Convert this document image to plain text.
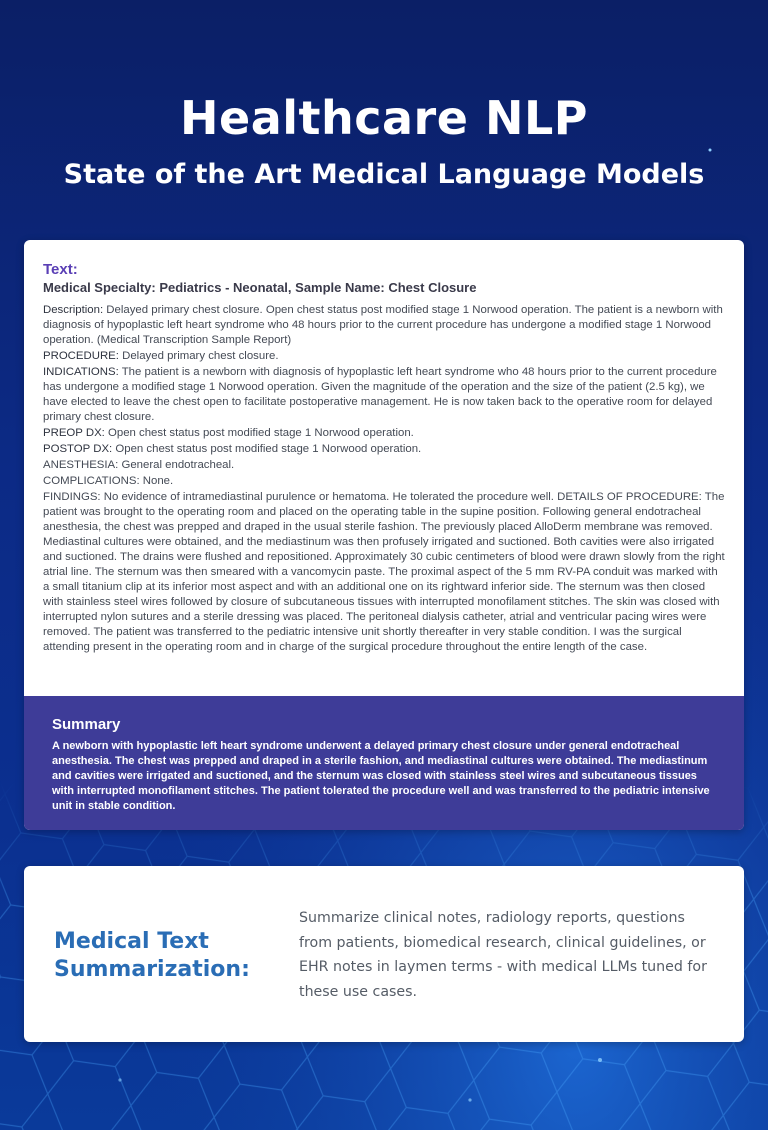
Healthcare NLP
State of the Art Medical Language Models
Text:
Medical Specialty: Pediatrics - Neonatal, Sample Name: Chest Closure

Description: Delayed primary chest closure. Open chest status post modified stage 1 Norwood operation. The patient is a newborn with diagnosis of hypoplastic left heart syndrome who 48 hours prior to the current procedure has undergone a modified stage 1 Norwood operation. (Medical Transcription Sample Report)

PROCEDURE: Delayed primary chest closure.

INDICATIONS: The patient is a newborn with diagnosis of hypoplastic left heart syndrome who 48 hours prior to the current procedure has undergone a modified stage 1 Norwood operation. Given the magnitude of the operation and the size of the patient (2.5 kg), we have elected to leave the chest open to facilitate postoperative management. He is now taken back to the operative room for delayed primary chest closure.

PREOP DX: Open chest status post modified stage 1 Norwood operation.

POSTOP DX: Open chest status post modified stage 1 Norwood operation.

ANESTHESIA: General endotracheal.

COMPLICATIONS: None.

FINDINGS: No evidence of intramediastinal purulence or hematoma. He tolerated the procedure well. DETAILS OF PROCEDURE: The patient was brought to the operating room and placed on the operating table in the supine position. Following general endotracheal anesthesia, the chest was prepped and draped in the usual sterile fashion. The previously placed AlloDerm membrane was removed. Mediastinal cultures were obtained, and the mediastinum was then profusely irrigated and suctioned. Both cavities were also irrigated and suctioned. The drains were flushed and repositioned. Approximately 30 cubic centimeters of blood were drawn slowly from the right atrial line. The sternum was then smeared with a vancomycin paste. The proximal aspect of the 5 mm RV-PA conduit was marked with a small titanium clip at its inferior most aspect and with an additional one on its rightward inferior side. The sternum was then closed with stainless steel wires followed by closure of subcutaneous tissues with interrupted monofilament stitches. The skin was closed with interrupted nylon sutures and a sterile dressing was placed. The peritoneal dialysis catheter, atrial and ventricular pacing wires were removed. The patient was transferred to the pediatric intensive unit shortly thereafter in very stable condition. I was the surgical attending present in the operating room and in charge of the surgical procedure throughout the entire length of the case.

Summary
A newborn with hypoplastic left heart syndrome underwent a delayed primary chest closure under general endotracheal anesthesia. The chest was prepped and draped in a sterile fashion, and mediastinal cultures were obtained. The mediastinum and cavities were irrigated and suctioned, and the sternum was closed with stainless steel wires and subcutaneous tissues with interrupted monofilament stitches. The patient tolerated the procedure well and was transferred to the pediatric intensive unit in stable condition.
Medical Text Summarization:
Summarize clinical notes, radiology reports, questions from patients, biomedical research, clinical guidelines, or EHR notes in laymen terms - with medical LLMs tuned for these use cases.
